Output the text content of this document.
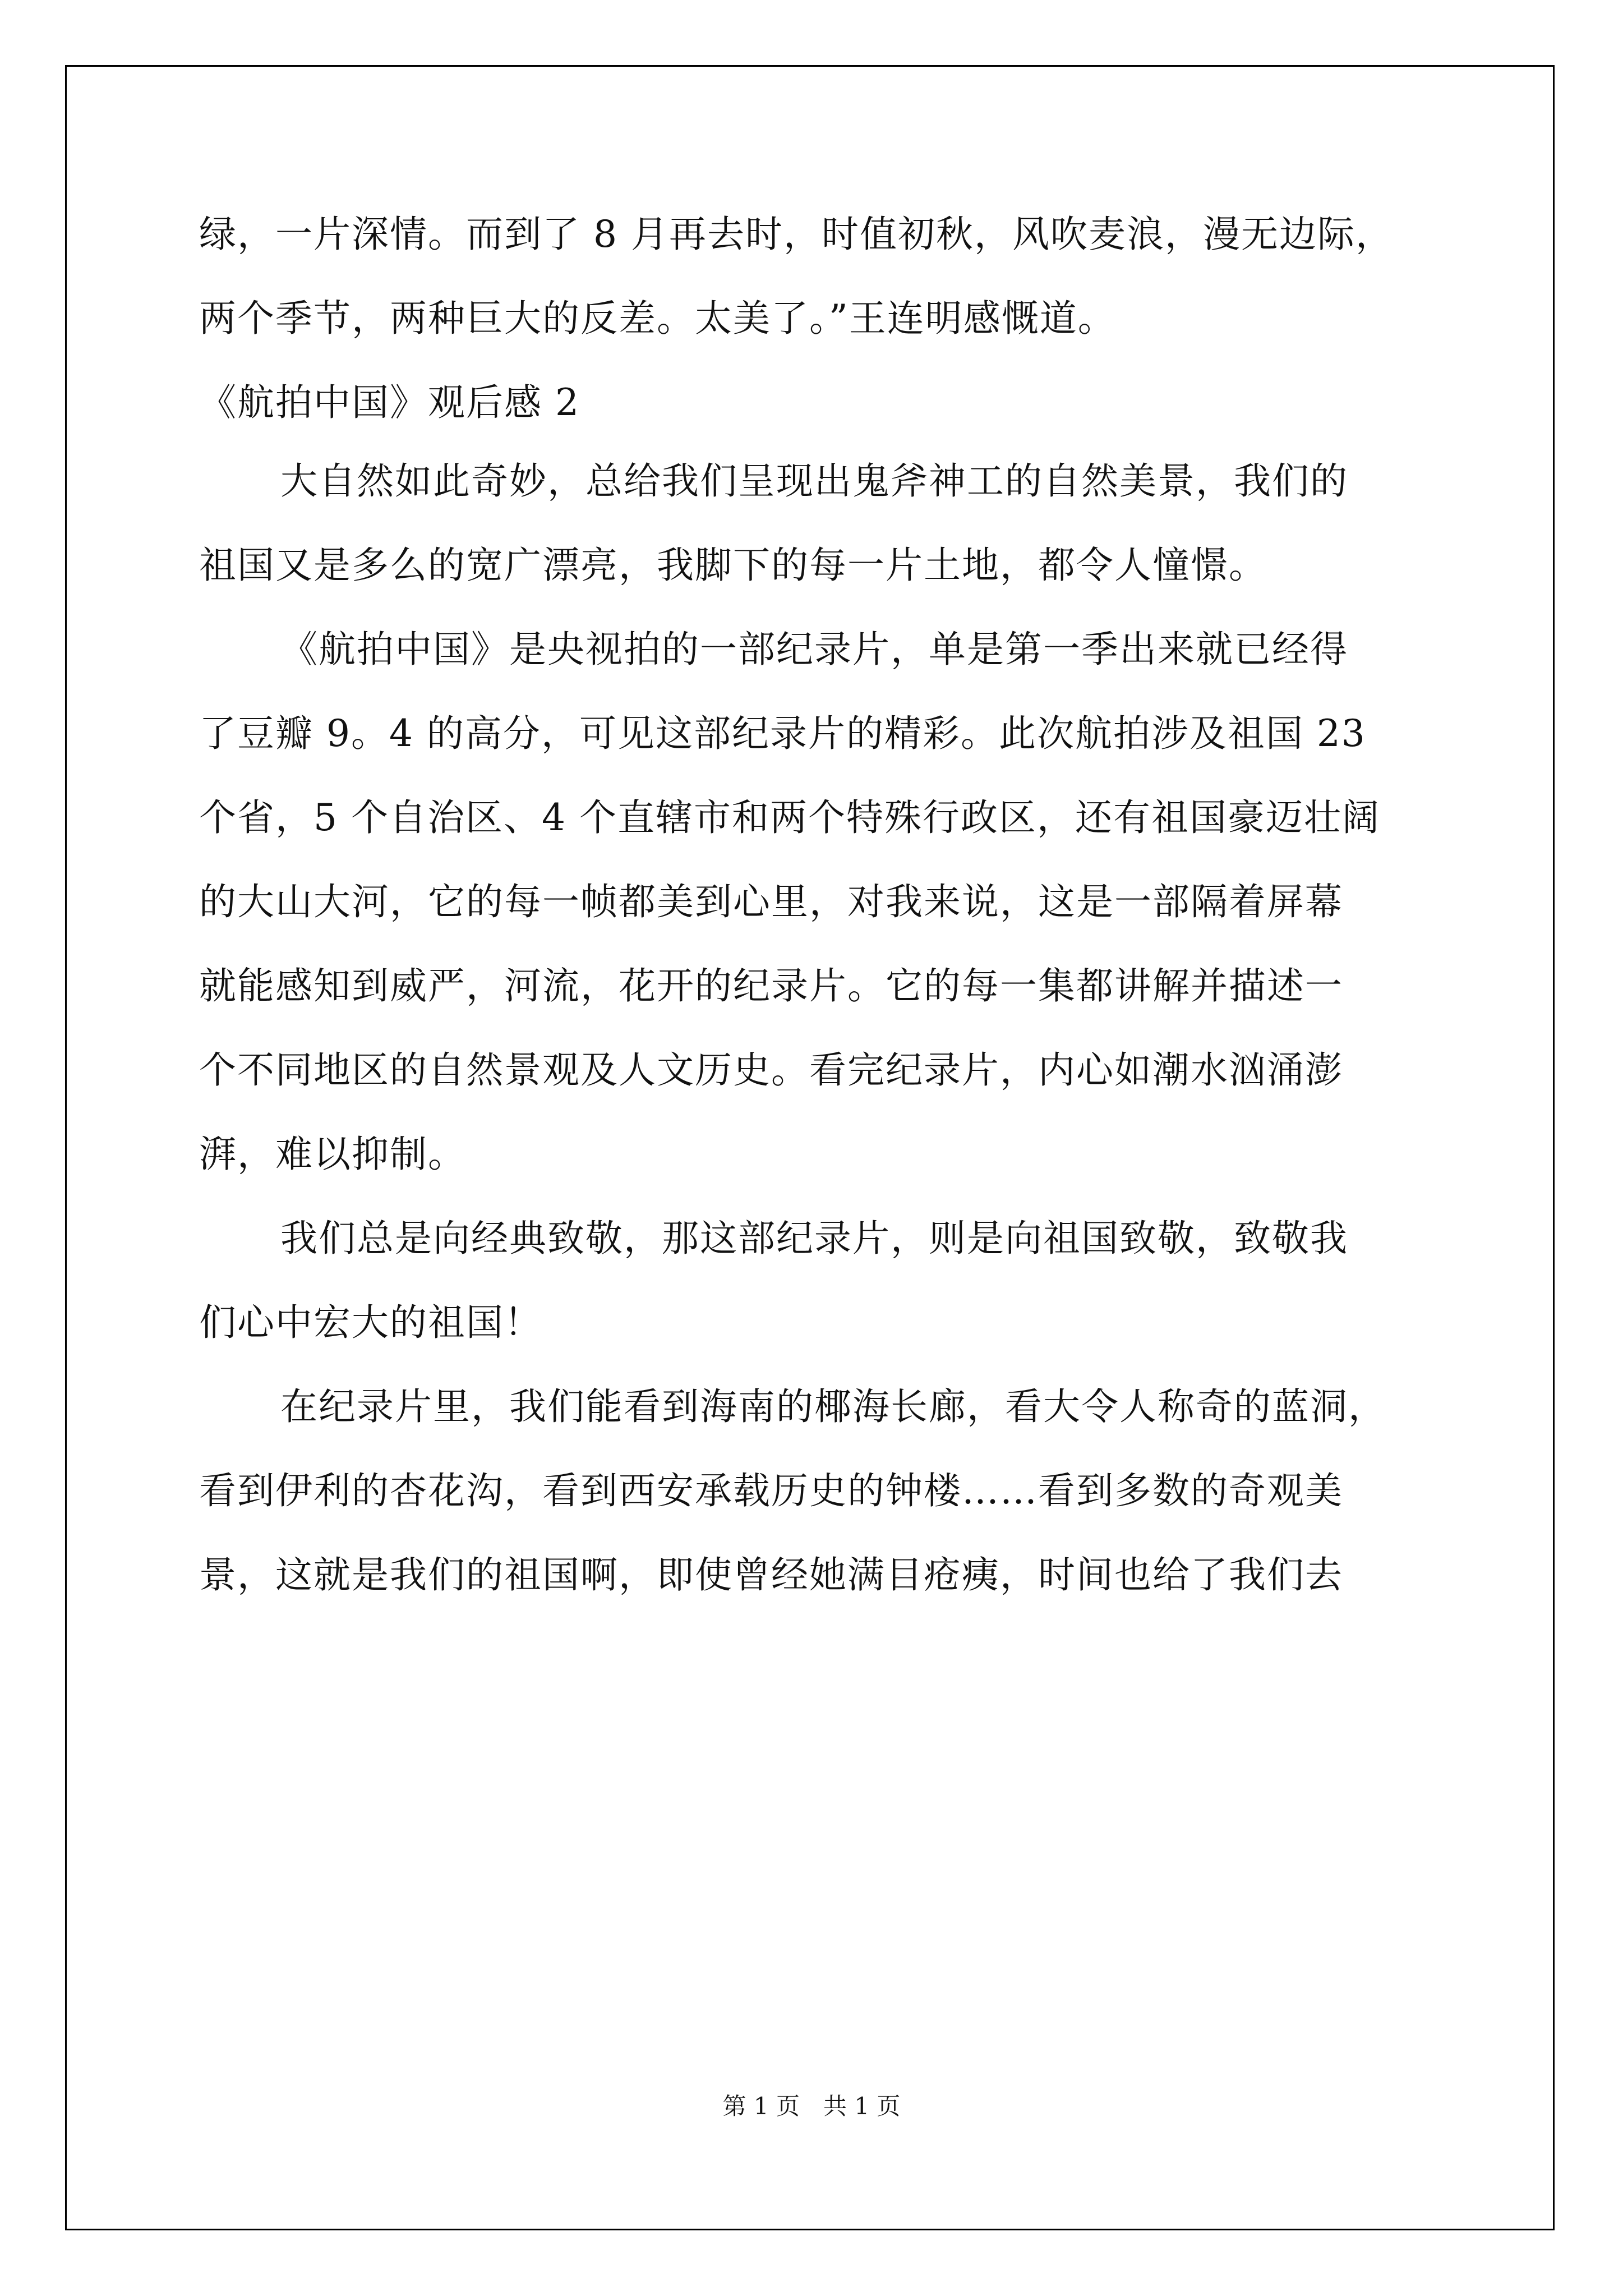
绿，一片深情。而到了 8 月再去时，时值初秋，风吹麦浪，漫无边际，
两个季节，两种巨大的反差。太美了。”王连明感慨道。
《航拍中国》观后感 2
大自然如此奇妙，总给我们呈现出鬼斧神工的自然美景，我们的
祖国又是多么的宽广漂亮，我脚下的每一片土地，都令人憧憬。
《航拍中国》是央视拍的一部纪录片，单是第一季出来就已经得
了豆瓣 9。4 的高分，可见这部纪录片的精彩。此次航拍涉及祖国 23
个省，5 个自治区、4 个直辖市和两个特殊行政区，还有祖国豪迈壮阔
的大山大河，它的每一帧都美到心里，对我来说，这是一部隔着屏幕
就能感知到威严，河流，花开的纪录片。它的每一集都讲解并描述一
个不同地区的自然景观及人文历史。看完纪录片，内心如潮水汹涌澎
湃，难以抑制。
我们总是向经典致敬，那这部纪录片，则是向祖国致敬，致敬我
们心中宏大的祖国！
在纪录片里，我们能看到海南的椰海长廊，看大令人称奇的蓝洞，
看到伊利的杏花沟，看到西安承载历史的钟楼……看到多数的奇观美
景，这就是我们的祖国啊，即使曾经她满目疮痍，时间也给了我们去
第 1 页　共 1 页
